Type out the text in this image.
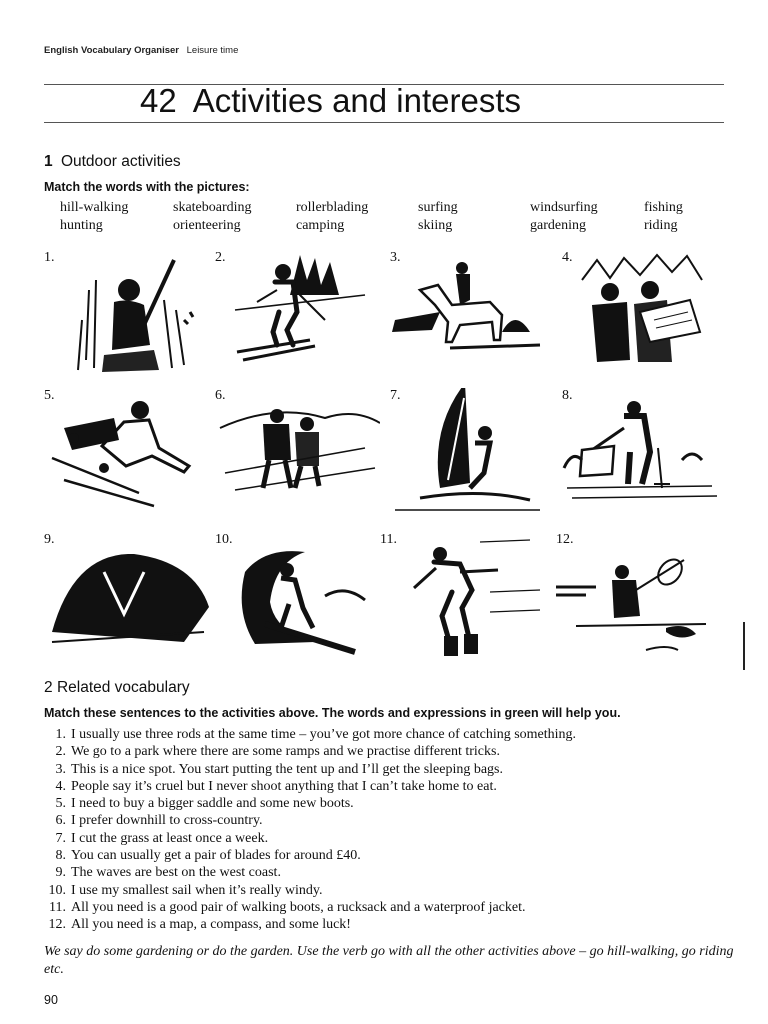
English Vocabulary Organiser Leisure time
42 Activities and interests
1 Outdoor activities
Match the words with the pictures:
hill-walking	skateboarding	rollerblading	surfing	windsurfing	fishing
hunting	orienteering	camping	skiing	gardening	riding
1.	2.	3.	4.
5.	6.	7.	8.
9.	10.	11.	12.
2 Related vocabulary
Match these sentences to the activities above. The words and expressions in green will help you.
1. I usually use three rods at the same time – you’ve got more chance of catching something.
2. We go to a park where there are some ramps and we practise different tricks.
3. This is a nice spot. You start putting the tent up and I’ll get the sleeping bags.
4. People say it’s cruel but I never shoot anything that I can’t take home to eat.
5. I need to buy a bigger saddle and some new boots.
6. I prefer downhill to cross-country.
7. I cut the grass at least once a week.
8. You can usually get a pair of blades for around £40.
9. The waves are best on the west coast.
10. I use my smallest sail when it’s really windy.
11. All you need is a good pair of walking boots, a rucksack and a waterproof jacket.
12. All you need is a map, a compass, and some luck!
We say do some gardening or do the garden. Use the verb go with all the other activities above – go hill-walking, go riding etc.
90
